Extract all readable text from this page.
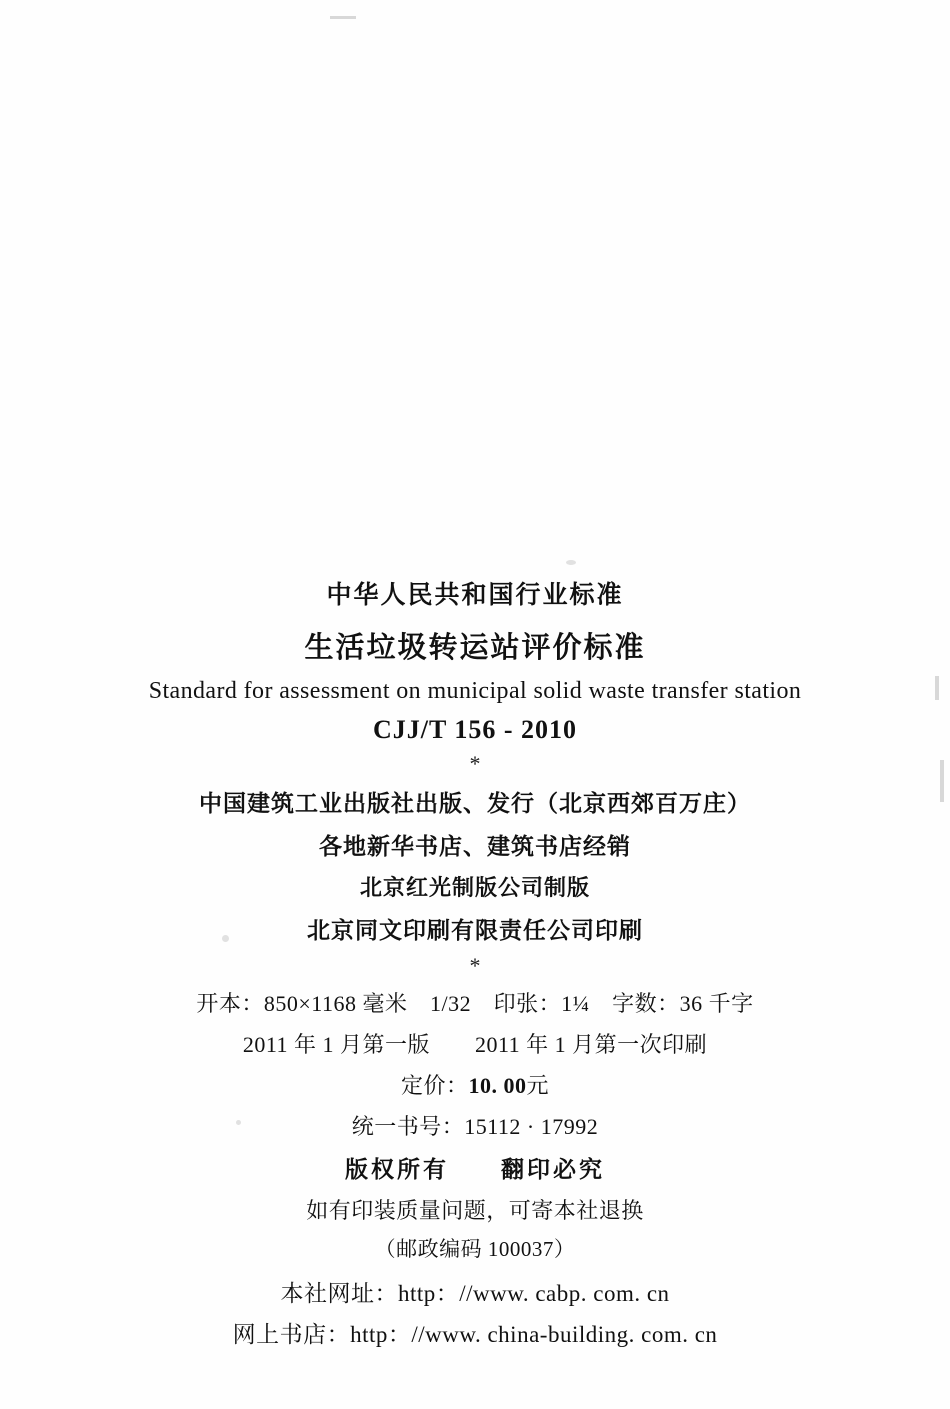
中华人民共和国行业标准
生活垃圾转运站评价标准
Standard for assessment on municipal solid waste transfer station
CJJ/T 156 - 2010
*
中国建筑工业出版社出版、发行（北京西郊百万庄）
各地新华书店、建筑书店经销
北京红光制版公司制版
北京同文印刷有限责任公司印刷
*
开本：850×1168 毫米　1/32　印张：1¼　字数：36 千字
2011 年 1 月第一版　　2011 年 1 月第一次印刷
定价：10. 00元
统一书号：15112 · 17992
版权所有　　翻印必究
如有印装质量问题，可寄本社退换
（邮政编码 100037）
本社网址：http：//www. cabp. com. cn
网上书店：http：//www. china-building. com. cn
